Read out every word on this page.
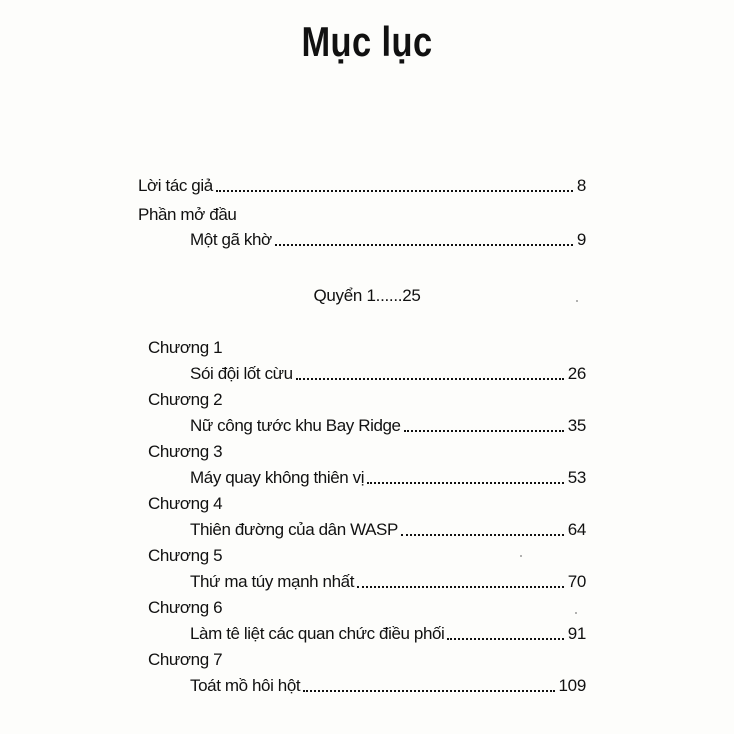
Mục lục
Lời tác giả	8
Phần mở đầu
Một gã khờ	9
Quyển 1......25
Chương 1
Sói đội lốt cừu	26
Chương 2
Nữ công tước khu Bay Ridge	35
Chương 3
Máy quay không thiên vị	53
Chương 4
Thiên đường của dân WASP	64
Chương 5
Thứ ma túy mạnh nhất	70
Chương 6
Làm tê liệt các quan chức điều phối	91
Chương 7
Toát mồ hôi hột	109
